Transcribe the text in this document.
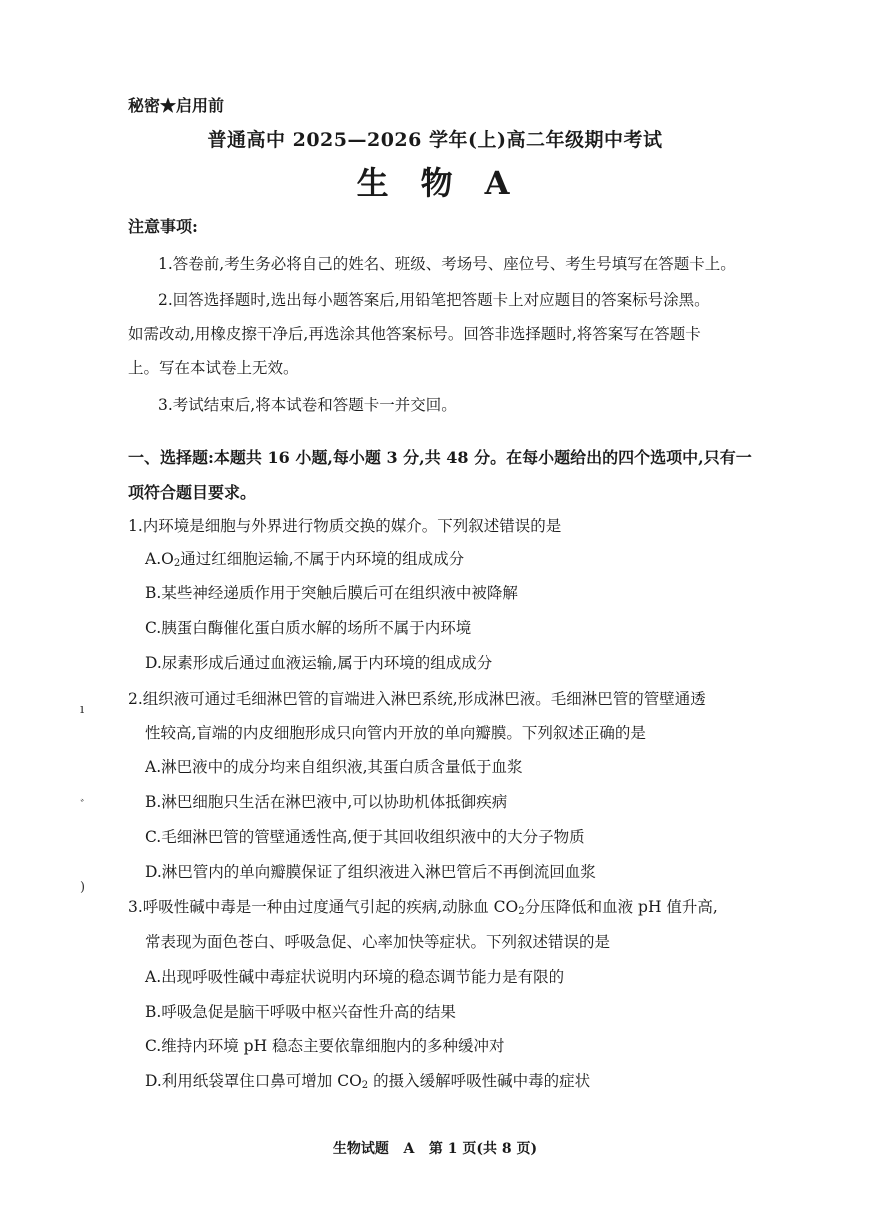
秘密★启用前
普通高中 2025—2026 学年(上)高二年级期中考试
生 物 A
注意事项:
1.答卷前,考生务必将自己的姓名、班级、考场号、座位号、考生号填写在答题卡上。
2.回答选择题时,选出每小题答案后,用铅笔把答题卡上对应题目的答案标号涂黑。
如需改动,用橡皮擦干净后,再选涂其他答案标号。回答非选择题时,将答案写在答题卡
上。写在本试卷上无效。
3.考试结束后,将本试卷和答题卡一并交回。
一、选择题:本题共 16 小题,每小题 3 分,共 48 分。在每小题给出的四个选项中,只有一
项符合题目要求。
1.内环境是细胞与外界进行物质交换的媒介。下列叙述错误的是
$A.O_2$通过红细胞运输,不属于内环境的组成成分
B.某些神经递质作用于突触后膜后可在组织液中被降解
C.胰蛋白酶催化蛋白质水解的场所不属于内环境
D.尿素形成后通过血液运输,属于内环境的组成成分
2.组织液可通过毛细淋巴管的盲端进入淋巴系统,形成淋巴液。毛细淋巴管的管壁通透
性较高,盲端的内皮细胞形成只向管内开放的单向瓣膜。下列叙述正确的是
A.淋巴液中的成分均来自组织液,其蛋白质含量低于血浆
B.淋巴细胞只生活在淋巴液中,可以协助机体抵御疾病
C.毛细淋巴管的管壁通透性高,便于其回收组织液中的大分子物质
D.淋巴管内的单向瓣膜保证了组织液进入淋巴管后不再倒流回血浆
3.呼吸性碱中毒是一种由过度通气引起的疾病,动脉血 $CO_2$分压降低和血液 pH 值升高,
常表现为面色苍白、呼吸急促、心率加快等症状。下列叙述错误的是
A.出现呼吸性碱中毒症状说明内环境的稳态调节能力是有限的
B.呼吸急促是脑干呼吸中枢兴奋性升高的结果
C.维持内环境 pH 稳态主要依靠细胞内的多种缓冲对
D.利用纸袋罩住口鼻可增加 $CO_2$ 的摄入缓解呼吸性碱中毒的症状
生物试题   A   第 1 页(共 8 页)
ı
ﾞ
)
